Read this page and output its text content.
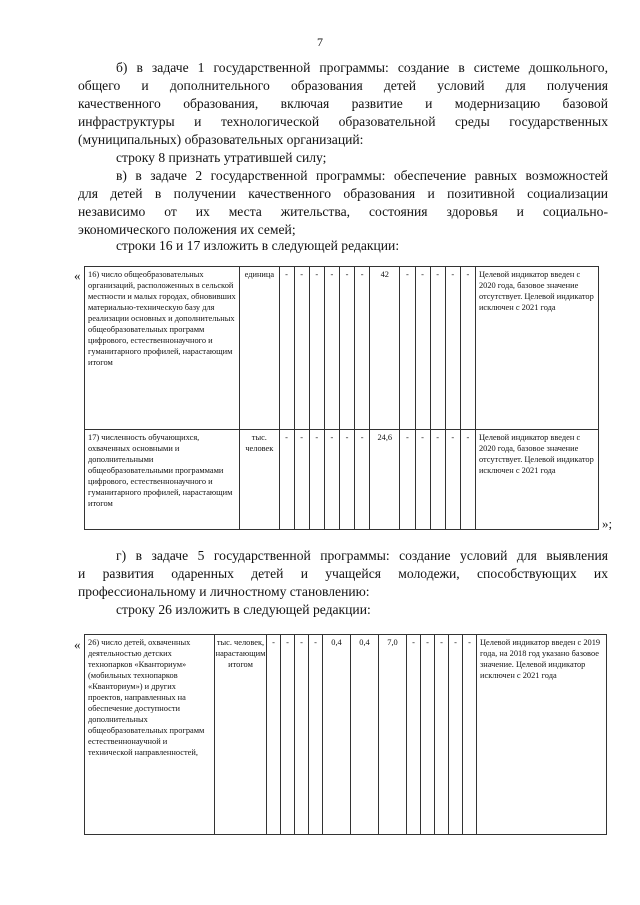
7

б) в задаче 1 государственной программы: создание в системе дошкольного,

общего и дополнительного образования детей условий для получения

качественного образования, включая развитие и модернизацию базовой

инфраструктуры и технологической образовательной среды государственных

(муниципальных) образовательных организаций:

строку 8 признать утратившей силу;

в) в задаче 2 государственной программы: обеспечение равных возможностей

для детей в получении качественного образования и позитивной социализации

независимо от их места жительства, состояния здоровья и социально-

экономического положения их семей;

строки 16 и 17 изложить в следующей редакции:

« 16) число общеобразовательных организаций, расположенных в сельской местности и малых городах, обновивших материально-техническую базу для реализации основных и дополнительных общеобразовательных программ цифрового, естественнонаучного и гуманитарного профилей, нарастающим итогом	единица	-	-	-	-	-	-	42	-	-	-	-	-	Целевой индикатор введен с 2020 года, базовое значение отсутствует. Целевой индикатор исключен с 2021 года
17) численность обучающихся, охваченных основными и дополнительными общеобразовательными программами цифрового, естественнонаучного и гуманитарного профилей, нарастающим итогом	тыс. человек	-	-	-	-	-	-	24,6	-	-	-	-	-	Целевой индикатор введен с 2020 года, базовое значение отсутствует. Целевой индикатор исключен с 2021 года
»;

г) в задаче 5 государственной программы: создание условий для выявления

и развития одаренных детей и учащейся молодежи, способствующих их

профессиональному и личностному становлению:

строку 26 изложить в следующей редакции:

« 26) число детей, охваченных деятельностью детских технопарков «Кванториум» (мобильных технопарков «Кванториум») и других проектов, направленных на обеспечение доступности дополнительных общеобразовательных программ естественнонаучной и технической направленностей,	тыс. человек, нарастающим итогом	-	-	-	-	0,4	0,4	7,0	-	-	-	-	-	Целевой индикатор введен с 2019 года, на 2018 год указано базовое значение. Целевой индикатор исключен с 2021 года
